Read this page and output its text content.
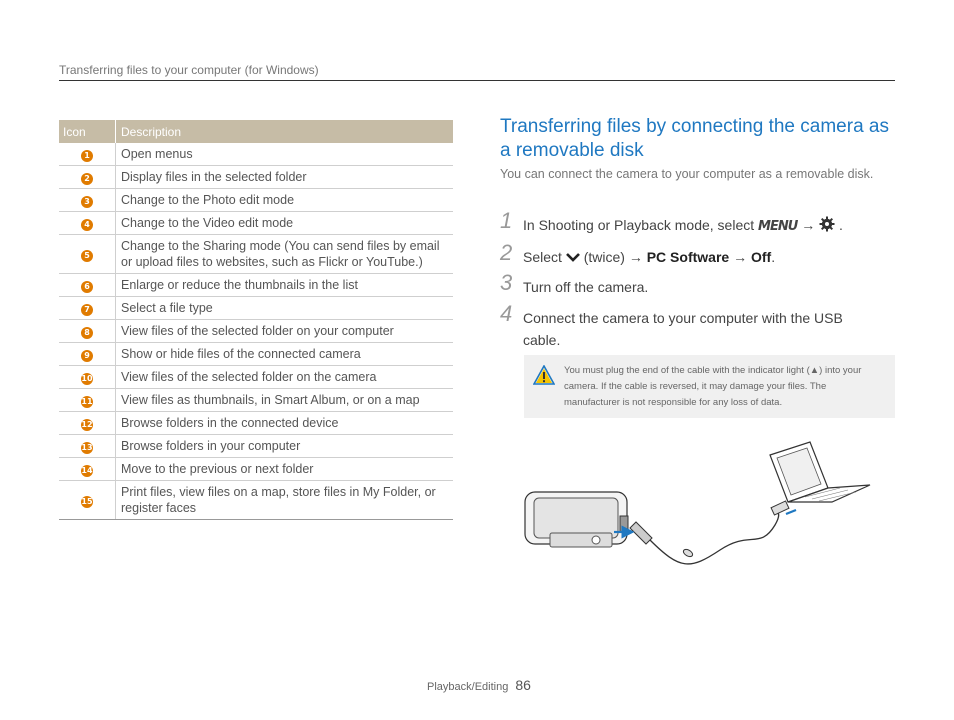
Transferring files to your computer (for Windows)
Icon	Description
1	Open menus
2	Display files in the selected folder
3	Change to the Photo edit mode
4	Change to the Video edit mode
5	Change to the Sharing mode (You can send files by email or upload files to websites, such as Flickr or YouTube.)
6	Enlarge or reduce the thumbnails in the list
7	Select a file type
8	View files of the selected folder on your computer
9	Show or hide files of the connected camera
10	View files of the selected folder on the camera
11	View files as thumbnails, in Smart Album, or on a map
12	Browse folders in the connected device
13	Browse folders in your computer
14	Move to the previous or next folder
15	Print files, view files on a map, store files in My Folder, or register faces
Transferring files by connecting the camera as a removable disk
You can connect the camera to your computer as a removable disk.
1 In Shooting or Playback mode, select MENU → .
2 Select (twice) → PC Software → Off.
3 Turn off the camera.
4 Connect the camera to your computer with the USB cable.
You must plug the end of the cable with the indicator light (▲) into your camera. If the cable is reversed, it may damage your files. The manufacturer is not responsible for any loss of data.
Playback/Editing 86
